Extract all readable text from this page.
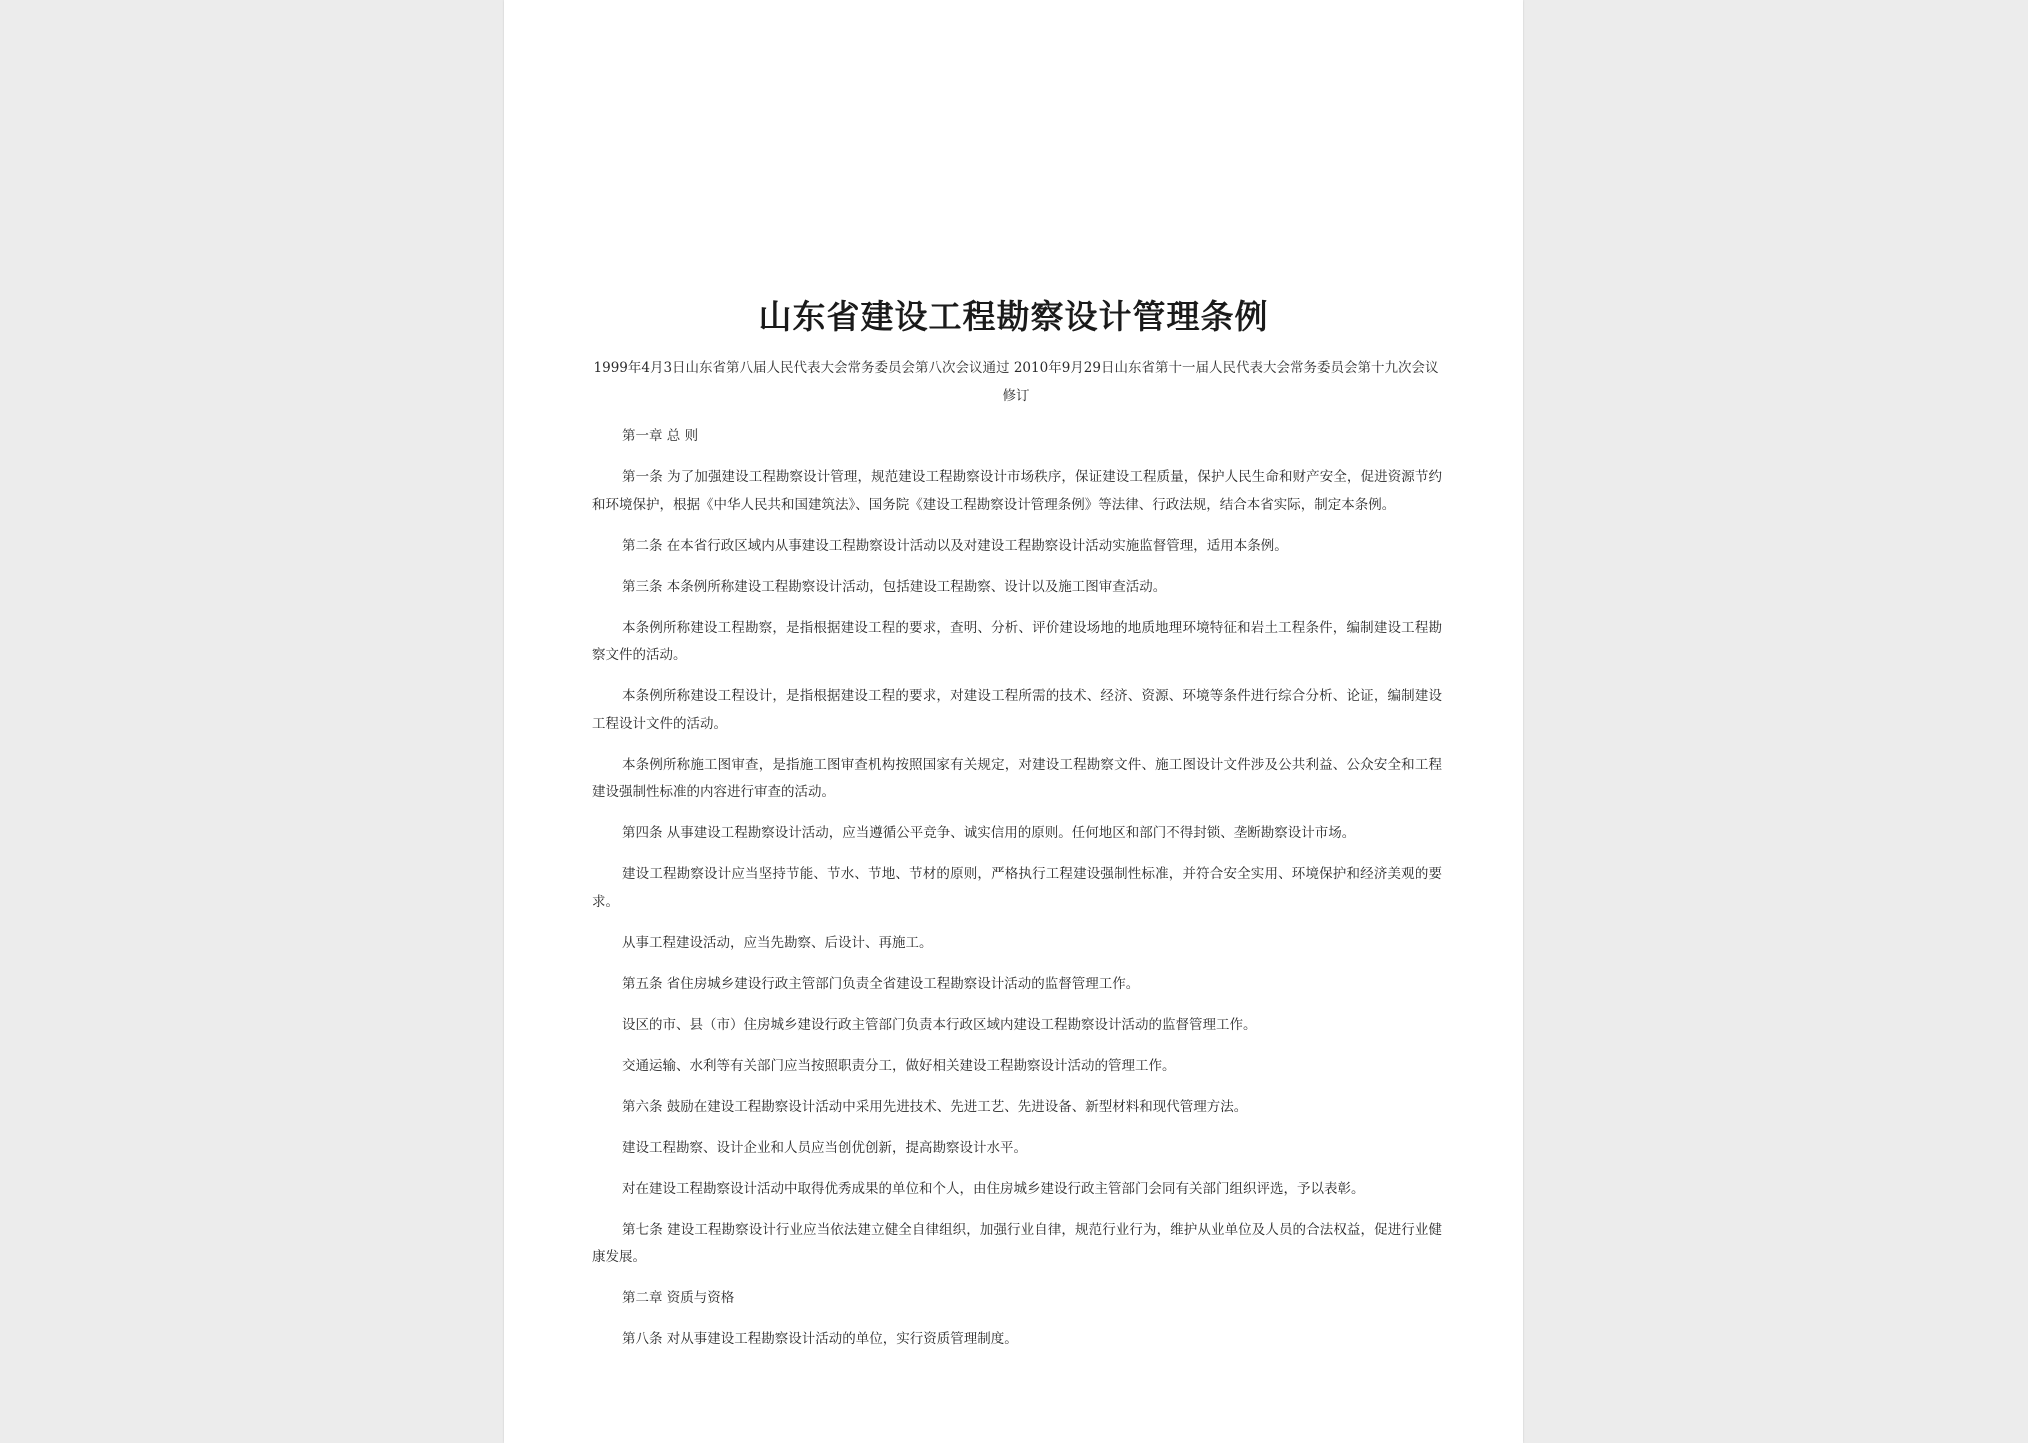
山东省建设工程勘察设计管理条例
1999年4月3日山东省第八届人民代表大会常务委员会第八次会议通过 2010年9月29日山东省第十一届人民代表大会常务委员会第十九次会议修订

第一章 总 则

第一条 为了加强建设工程勘察设计管理，规范建设工程勘察设计市场秩序，保证建设工程质量，保护人民生命和财产安全，促进资源节约和环境保护，根据《中华人民共和国建筑法》、国务院《建设工程勘察设计管理条例》等法律、行政法规，结合本省实际，制定本条例。

第二条 在本省行政区域内从事建设工程勘察设计活动以及对建设工程勘察设计活动实施监督管理，适用本条例。

第三条 本条例所称建设工程勘察设计活动，包括建设工程勘察、设计以及施工图审查活动。

本条例所称建设工程勘察，是指根据建设工程的要求，查明、分析、评价建设场地的地质地理环境特征和岩土工程条件，编制建设工程勘察文件的活动。

本条例所称建设工程设计，是指根据建设工程的要求，对建设工程所需的技术、经济、资源、环境等条件进行综合分析、论证，编制建设工程设计文件的活动。

本条例所称施工图审查，是指施工图审查机构按照国家有关规定，对建设工程勘察文件、施工图设计文件涉及公共利益、公众安全和工程建设强制性标准的内容进行审查的活动。

第四条 从事建设工程勘察设计活动，应当遵循公平竞争、诚实信用的原则。任何地区和部门不得封锁、垄断勘察设计市场。

建设工程勘察设计应当坚持节能、节水、节地、节材的原则，严格执行工程建设强制性标准，并符合安全实用、环境保护和经济美观的要求。

从事工程建设活动，应当先勘察、后设计、再施工。

第五条 省住房城乡建设行政主管部门负责全省建设工程勘察设计活动的监督管理工作。

设区的市、县（市）住房城乡建设行政主管部门负责本行政区域内建设工程勘察设计活动的监督管理工作。

交通运输、水利等有关部门应当按照职责分工，做好相关建设工程勘察设计活动的管理工作。

第六条 鼓励在建设工程勘察设计活动中采用先进技术、先进工艺、先进设备、新型材料和现代管理方法。

建设工程勘察、设计企业和人员应当创优创新，提高勘察设计水平。

对在建设工程勘察设计活动中取得优秀成果的单位和个人，由住房城乡建设行政主管部门会同有关部门组织评选，予以表彰。

第七条 建设工程勘察设计行业应当依法建立健全自律组织，加强行业自律，规范行业行为，维护从业单位及人员的合法权益，促进行业健康发展。

第二章 资质与资格

第八条 对从事建设工程勘察设计活动的单位，实行资质管理制度。
